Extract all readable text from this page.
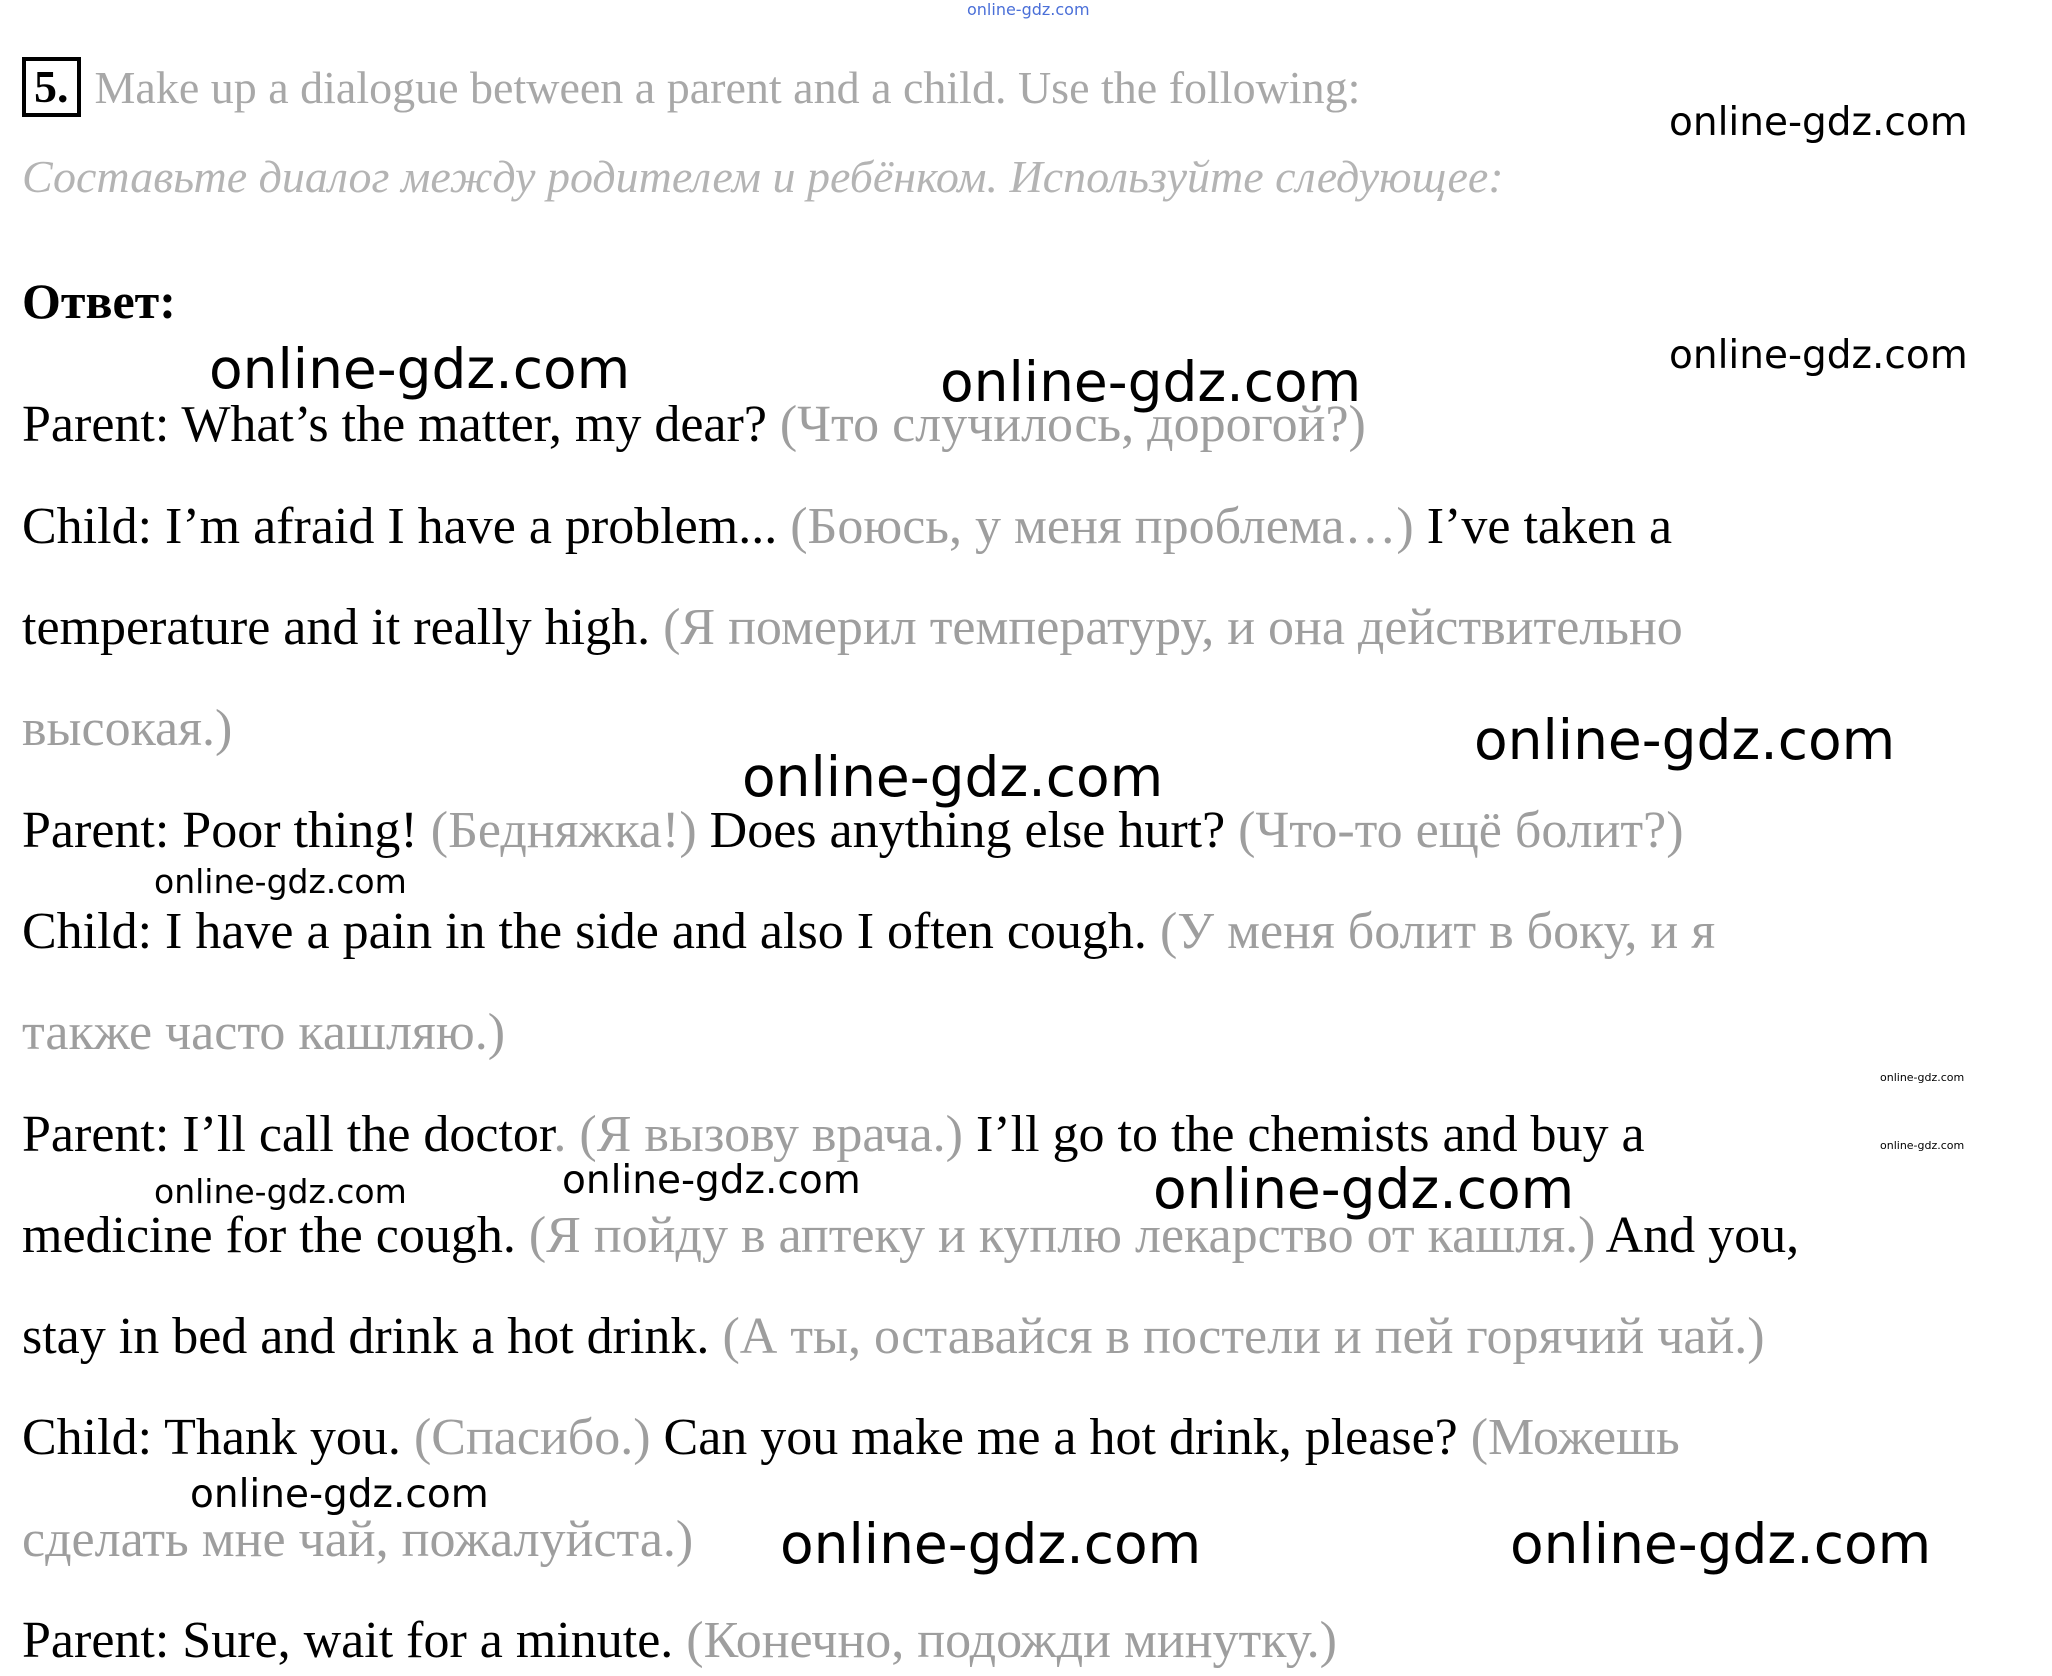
5. Make up a dialogue between a parent and a child. Use the following:
Составьте диалог между родителем и ребёнком. Используйте следующее:
Ответ:
Parent: What’s the matter, my dear? (Что случилось, дорогой?)
Child: I’m afraid I have a problem... (Боюсь, у меня проблема…) I’ve taken a
temperature and it really high. (Я померил температуру, и она действительно
высокая.)
Parent: Poor thing! (Бедняжка!) Does anything else hurt? (Что-то ещё болит?)
Child: I have a pain in the side and also I often cough. (У меня болит в боку, и я
также часто кашляю.)
Parent: I’ll call the doctor. (Я вызову врача.) I’ll go to the chemists and buy a
medicine for the cough. (Я пойду в аптеку и куплю лекарство от кашля.) And you,
stay in bed and drink a hot drink. (А ты, оставайся в постели и пей горячий чай.)
Child: Thank you. (Спасибо.) Can you make me a hot drink, please? (Можешь
сделать мне чай, пожалуйста.)
Parent: Sure, wait for a minute. (Конечно, подожди минутку.)
online-gdz.com
online-gdz.com
online-gdz.com
online-gdz.com	online-gdz.com
online-gdz.com
online-gdz.com
online-gdz.com
online-gdz.com
online-gdz.com
online-gdz.com
online-gdz.com	online-gdz.com
online-gdz.com
online-gdz.com	online-gdz.com
